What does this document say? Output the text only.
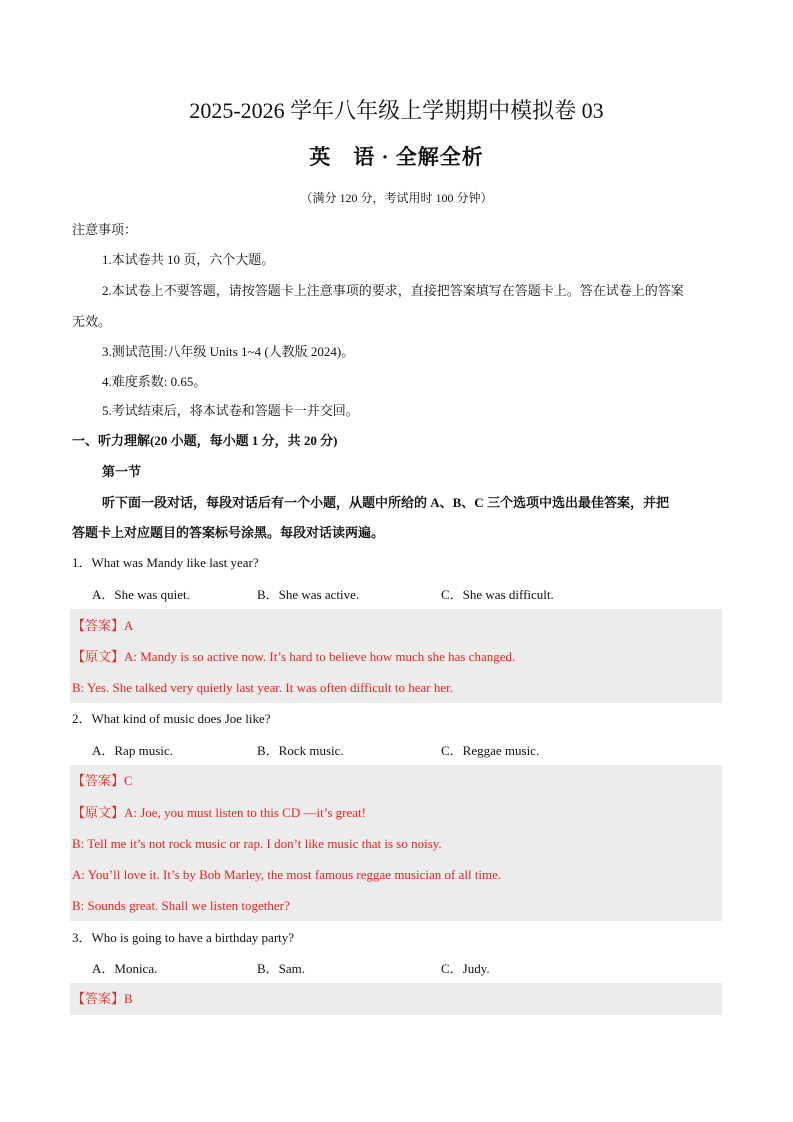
2025-2026 学年八年级上学期期中模拟卷 03
英　语 · 全解全析
（满分 120 分，考试用时 100 分钟）
注意事项：
1.本试卷共 10 页，六个大题。
2.本试卷上不要答题，请按答题卡上注意事项的要求，直接把答案填写在答题卡上。答在试卷上的答案
无效。
3.测试范围:八年级 Units 1~4 (人教版 2024)。
4.难度系数: 0.65。
5.考试结束后，将本试卷和答题卡一并交回。
一、听力理解(20 小题，每小题 1 分，共 20 分)
第一节
听下面一段对话，每段对话后有一个小题，从题中所给的 A、B、C 三个选项中选出最佳答案，并把
答题卡上对应题目的答案标号涂黑。每段对话读两遍。
1．What was Mandy like last year?
A．She was quiet.	B．She was active.	C．She was difficult.
【答案】A
【原文】A: Mandy is so active now. It’s hard to believe how much she has changed.
B: Yes. She talked very quietly last year. It was often difficult to hear her.
2．What kind of music does Joe like?
A．Rap music.	B．Rock music.	C．Reggae music.
【答案】C
【原文】A: Joe, you must listen to this CD —it’s great!
B: Tell me it’s not rock music or rap. I don’t like music that is so noisy.
A: You’ll love it. It’s by Bob Marley, the most famous reggae musician of all time.
B: Sounds great. Shall we listen together?
3．Who is going to have a birthday party?
A．Monica.	B．Sam.	C．Judy.
【答案】B
